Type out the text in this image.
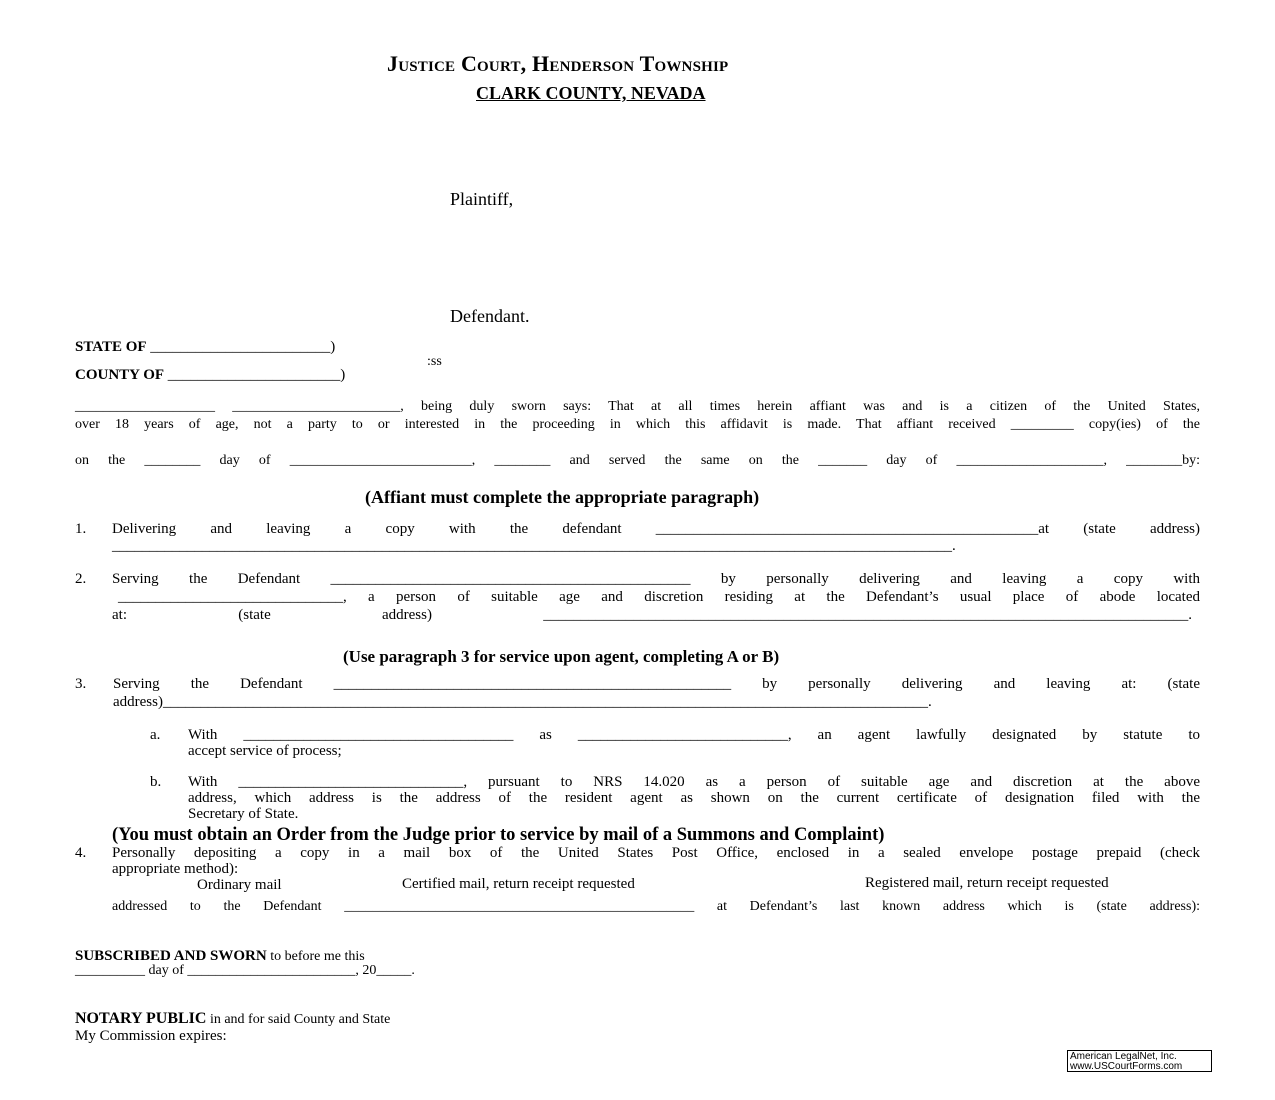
Justice Court, Henderson Township
CLARK COUNTY, NEVADA
Plaintiff,
Defendant.
STATE OF ________________________)
:ss
COUNTY OF _______________________)
____________________ ________________________, being duly sworn says: That at all times herein affiant was and is a citizen of the United States,
over 18 years of age, not a party to or interested in the proceeding in which this affidavit is made. That affiant received _________ copy(ies) of the
on the ________ day of __________________________, ________ and served the same on the _______ day of _____________________, ________by:
(Affiant must complete the appropriate paragraph)
1. Delivering and leaving a copy with the defendant ___________________________________________________at (state address)
________________________________________________________________________________________________________________.
2. Serving the Defendant ________________________________________________ by personally delivering and leaving a copy with
______________________________, a person of suitable age and discretion residing at the Defendant’s usual place of abode located
at: (state address) ______________________________________________________________________________________.
(Use paragraph 3 for service upon agent, completing A or B)
3. Serving the Defendant _____________________________________________________ by personally delivering and leaving at: (state
address)______________________________________________________________________________________________________.
a. With ____________________________________ as ____________________________, an agent lawfully designated by statute to
accept service of process;
b. With ______________________________, pursuant to NRS 14.020 as a person of suitable age and discretion at the above
address, which address is the address of the resident agent as shown on the current certificate of designation filed with the
Secretary of State.
(You must obtain an Order from the Judge prior to service by mail of a Summons and Complaint)
4. Personally depositing a copy in a mail box of the United States Post Office, enclosed in a sealed envelope postage prepaid (check
appropriate method):
Ordinary mail	Certified mail, return receipt requested	Registered mail, return receipt requested
addressed to the Defendant __________________________________________________ at Defendant’s last known address which is (state address):
SUBSCRIBED AND SWORN to before me this
__________ day of ________________________, 20_____.
NOTARY PUBLIC in and for said County and State
My Commission expires:
American LegalNet, Inc.
www.USCourtForms.com
